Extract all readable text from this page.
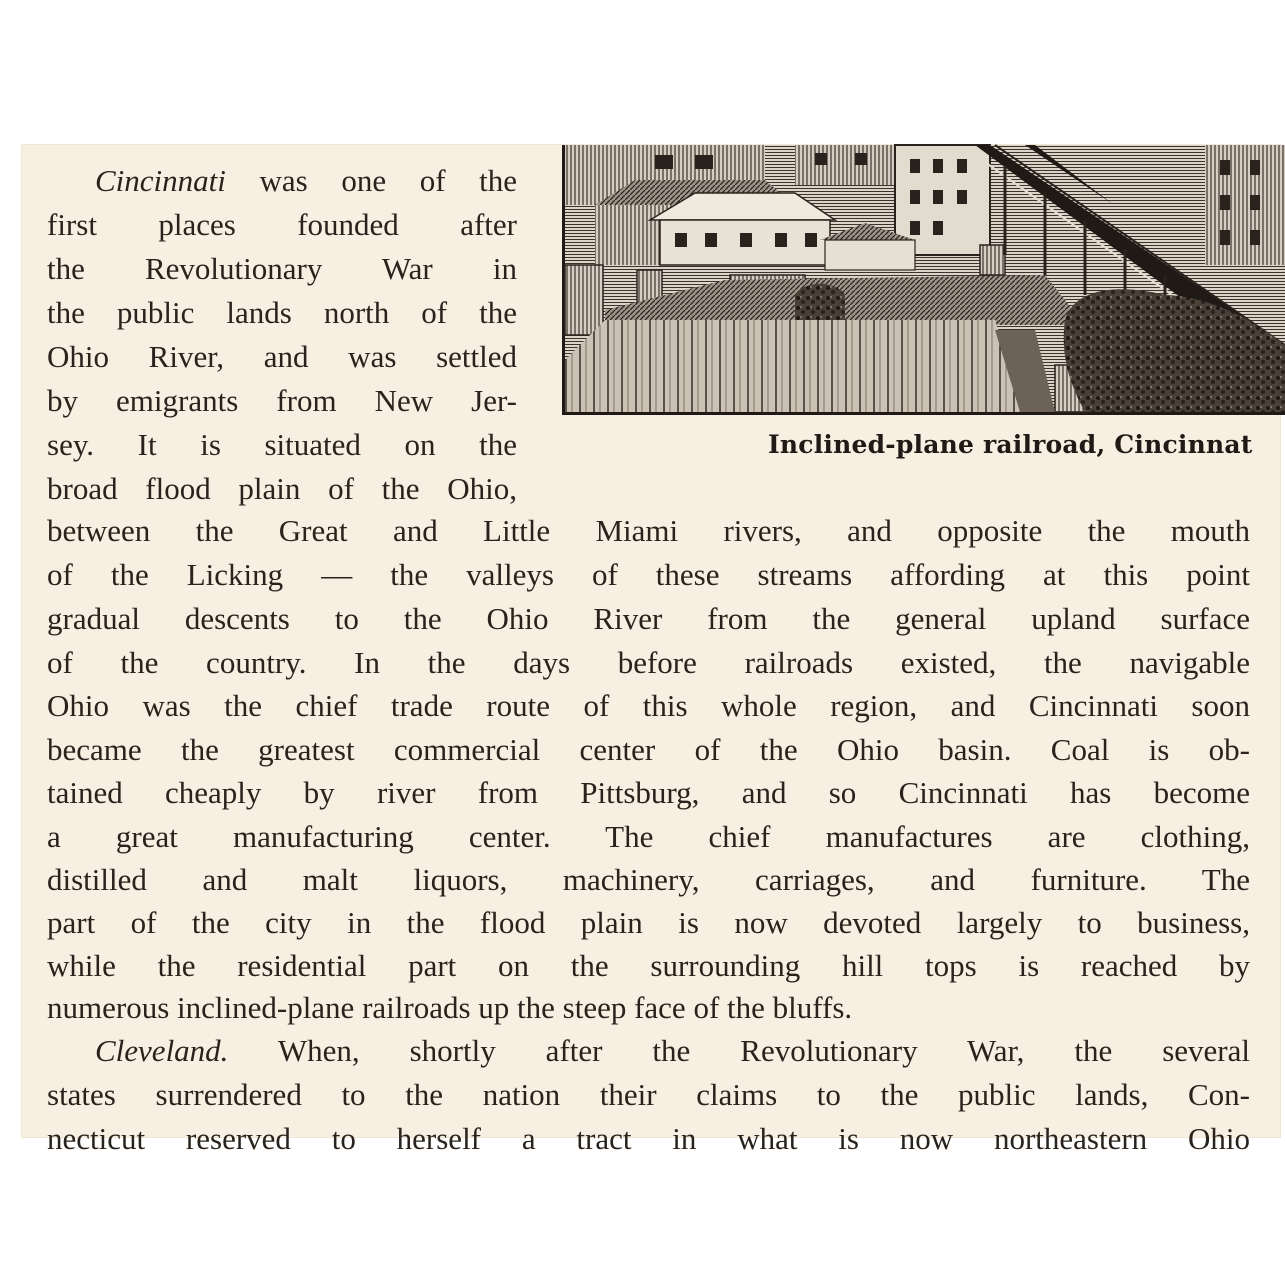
Inclined-plane railroad, Cincinnat
Cincinnati was one of the
first places founded after
the Revolutionary War in
the public lands north of the
Ohio River, and was settled
by emigrants from New Jer-
sey. It is situated on the
broad flood plain of the Ohio,
between the Great and Little Miami rivers, and opposite the mouth
of the Licking — the valleys of these streams affording at this point
gradual descents to the Ohio River from the general upland surface
of the country. In the days before railroads existed, the navigable
Ohio was the chief trade route of this whole region, and Cincinnati soon
became the greatest commercial center of the Ohio basin. Coal is ob-
tained cheaply by river from Pittsburg, and so Cincinnati has become
a great manufacturing center. The chief manufactures are clothing,
distilled and malt liquors, machinery, carriages, and furniture. The
part of the city in the flood plain is now devoted largely to business,
while the residential part on the surrounding hill tops is reached by
numerous inclined-plane railroads up the steep face of the bluffs.
Cleveland. When, shortly after the Revolutionary War, the several
states surrendered to the nation their claims to the public lands, Con-
necticut reserved to herself a tract in what is now northeastern Ohio
